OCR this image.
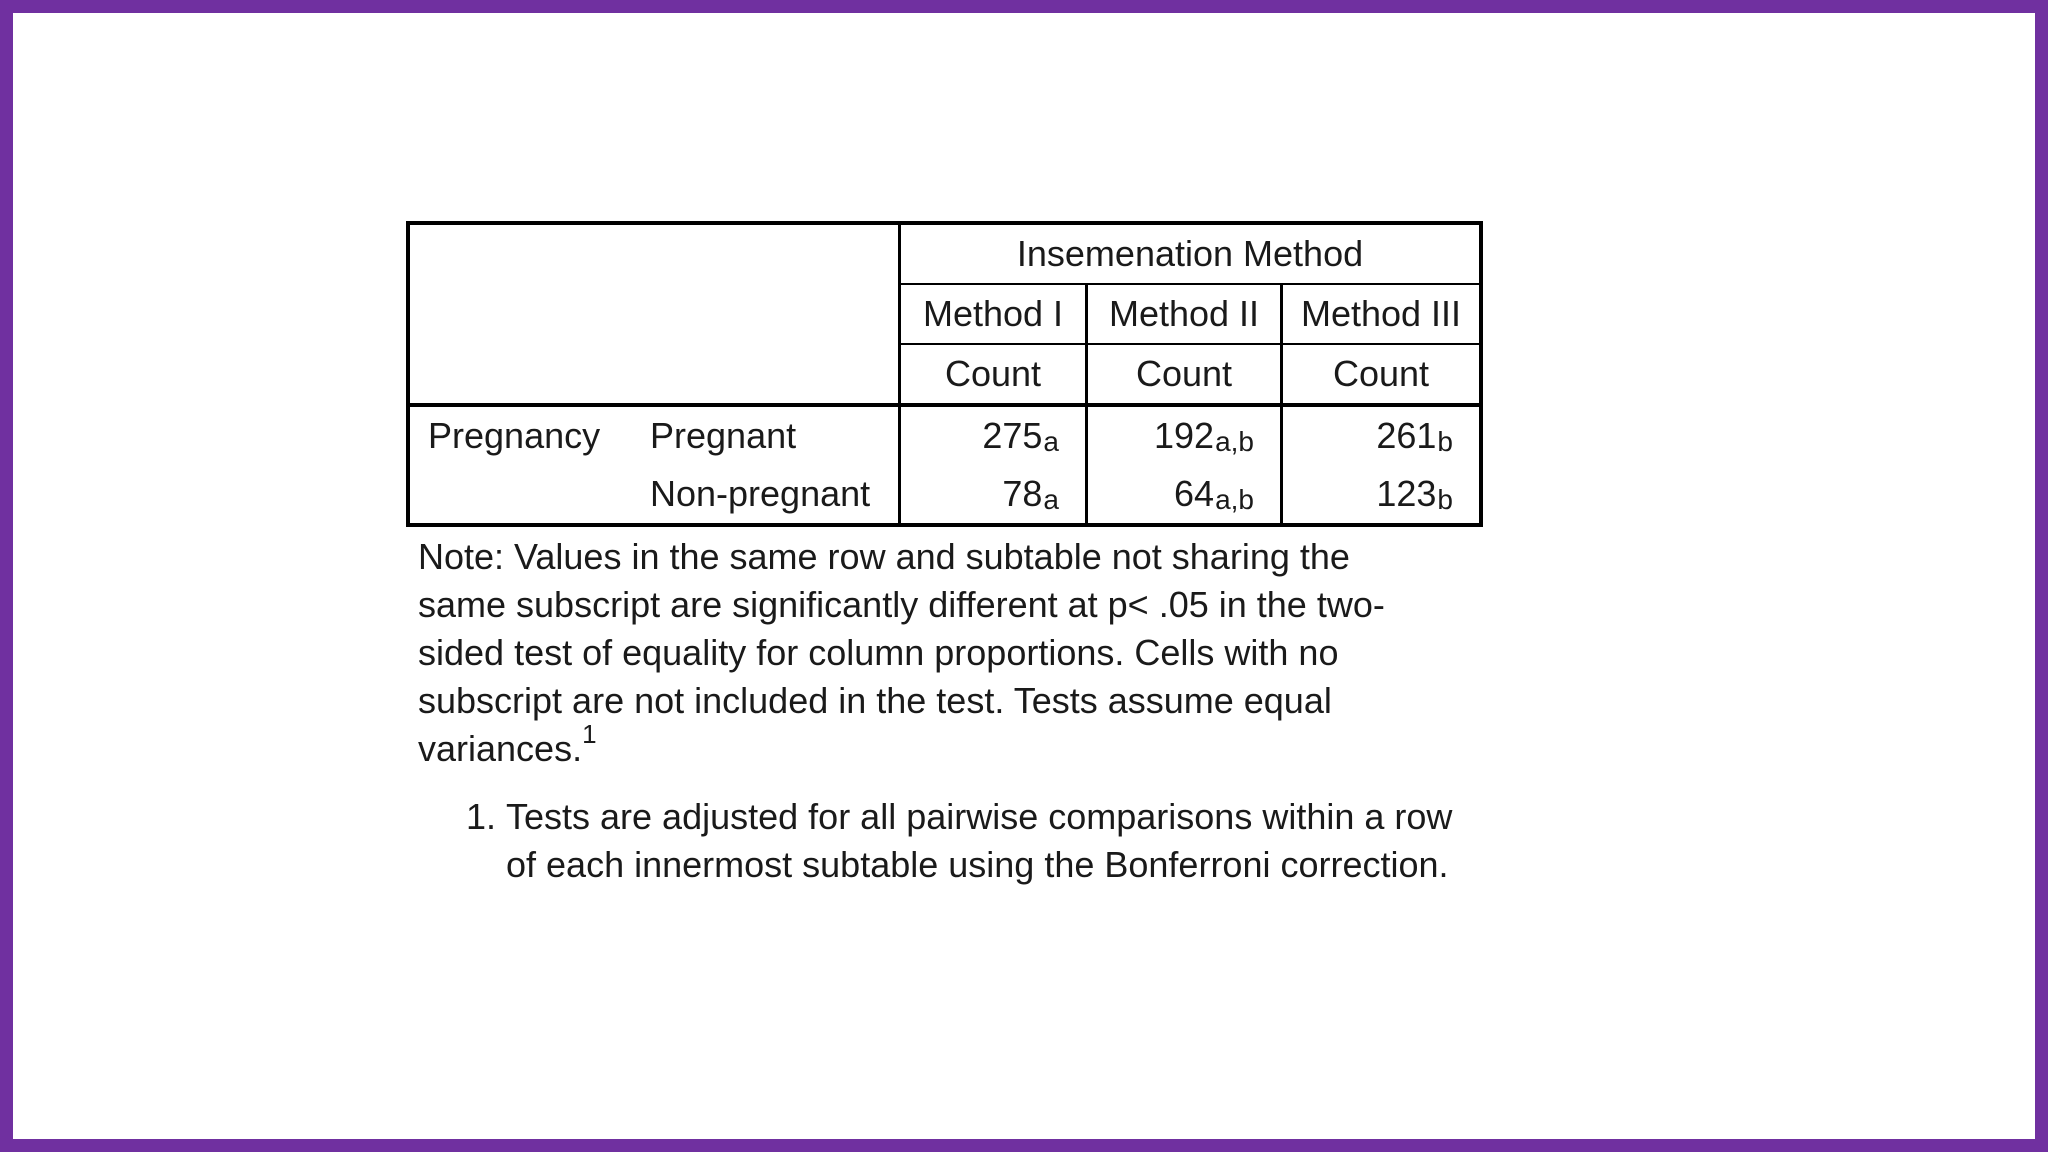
		Insemenation Method		
		Method I	Method II	Method III
		Count	Count	Count
Pregnancy	Pregnant	275a	192a,b	261b
	Non-pregnant	78a	64a,b	123b
Note: Values in the same row and subtable not sharing the same subscript are significantly different at p< .05 in the two-sided test of equality for column proportions. Cells with no subscript are not included in the test. Tests assume equal variances.$^1$
1. Tests are adjusted for all pairwise comparisons within a row of each innermost subtable using the Bonferroni correction.
